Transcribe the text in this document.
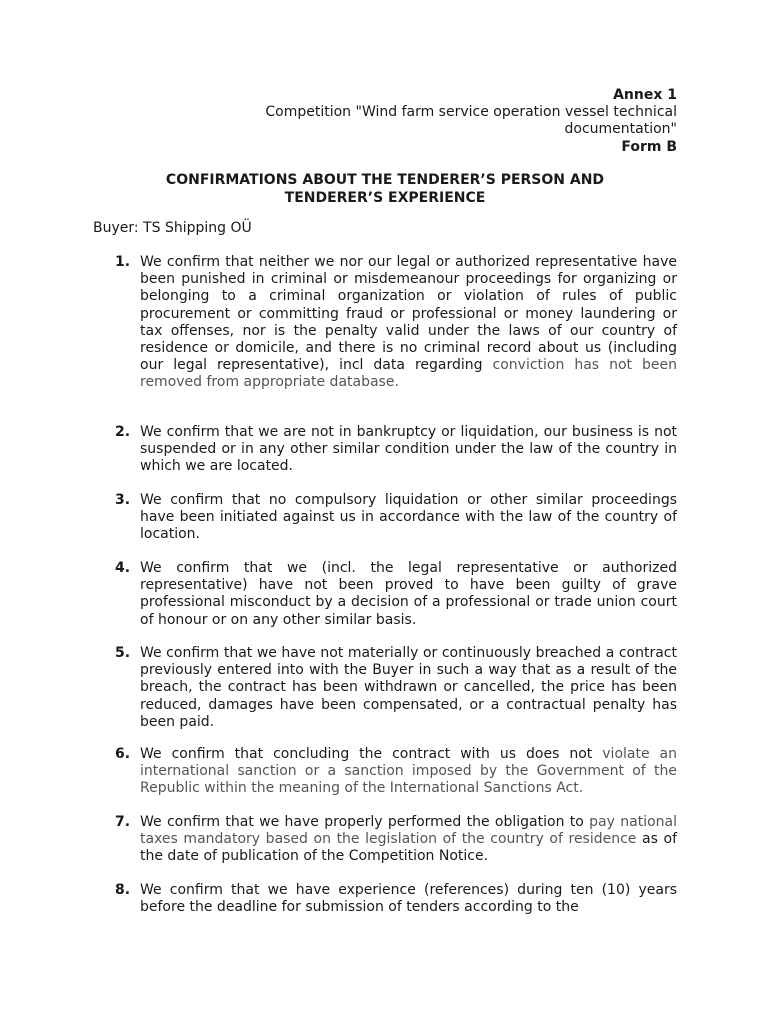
Annex 1
Competition "Wind farm service operation vessel technical
documentation"
Form B
CONFIRMATIONS ABOUT THE TENDERER’S PERSON AND
TENDERER’S EXPERIENCE
Buyer: TS Shipping OÜ
1. We confirm that neither we nor our legal or authorized representative have been punished in criminal or misdemeanour proceedings for organizing or belonging to a criminal organization or violation of rules of public procurement or committing fraud or professional or money laundering or tax offenses, nor is the penalty valid under the laws of our country of residence or domicile, and there is no criminal record about us (including our legal representative), incl data regarding conviction has not been removed from appropriate database.
2. We confirm that we are not in bankruptcy or liquidation, our business is not suspended or in any other similar condition under the law of the country in which we are located.
3. We confirm that no compulsory liquidation or other similar proceedings have been initiated against us in accordance with the law of the country of location.
4. We confirm that we (incl. the legal representative or authorized representative) have not been proved to have been guilty of grave professional misconduct by a decision of a professional or trade union court of honour or on any other similar basis.
5. We confirm that we have not materially or continuously breached a contract previously entered into with the Buyer in such a way that as a result of the breach, the contract has been withdrawn or cancelled, the price has been reduced, damages have been compensated, or a contractual penalty has been paid.
6. We confirm that concluding the contract with us does not violate an international sanction or a sanction imposed by the Government of the Republic within the meaning of the International Sanctions Act.
7. We confirm that we have properly performed the obligation to pay national taxes mandatory based on the legislation of the country of residence as of the date of publication of the Competition Notice.
8. We confirm that we have experience (references) during ten (10) years before the deadline for submission of tenders according to the
